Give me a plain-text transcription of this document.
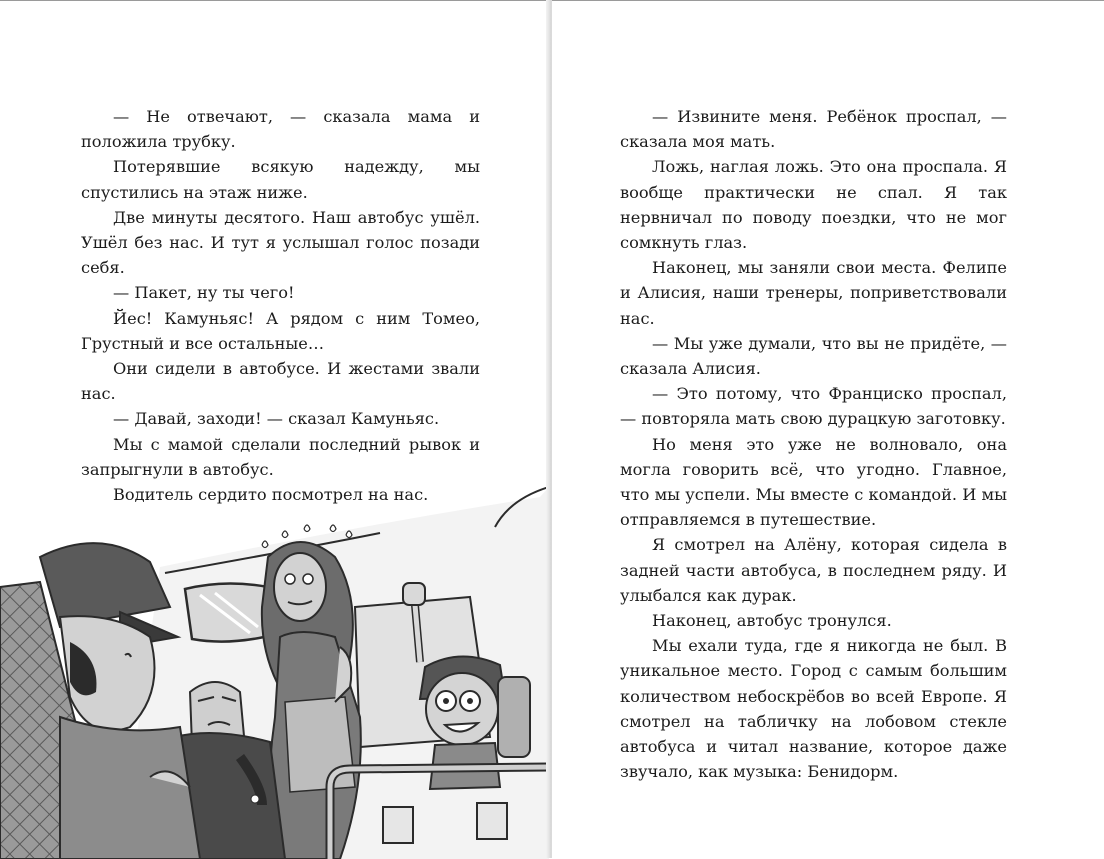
— Не отвечают, — сказала мама и положила трубку.

Потерявшие всякую надежду, мы спустились на этаж ниже.

Две минуты десятого. Наш автобус ушёл. Ушёл без нас. И тут я услышал голос позади себя.

— Пакет, ну ты чего!

Йес! Камуньяс! А рядом с ним Томео, Грустный и все остальные…

Они сидели в автобусе. И жестами звали нас.

— Давай, заходи! — сказал Камуньяс.

Мы с мамой сделали последний рывок и запрыгнули в автобус.

Водитель сердито посмотрел на нас.

— Извините меня. Ребёнок проспал, — сказала моя мать.

Ложь, наглая ложь. Это она проспала. Я вообще практически не спал. Я так нервничал по поводу поездки, что не мог сомкнуть глаз.

Наконец, мы заняли свои места. Фелипе и Алисия, наши тренеры, поприветствовали нас.

— Мы уже думали, что вы не придёте, — сказала Алисия.

— Это потому, что Франциско проспал, — повторяла мать свою дурацкую заготовку.

Но меня это уже не волновало, она могла говорить всё, что угодно. Главное, что мы успели. Мы вместе с командой. И мы отправляемся в путешествие.

Я смотрел на Алёну, которая сидела в задней части автобуса, в последнем ряду. И улыбался как дурак.

Наконец, автобус тронулся.

Мы ехали туда, где я никогда не был. В уникальное место. Город с самым большим количеством небоскрёбов во всей Европе. Я смотрел на табличку на лобовом стекле автобуса и читал название, которое даже звучало, как музыка: Бенидорм.
